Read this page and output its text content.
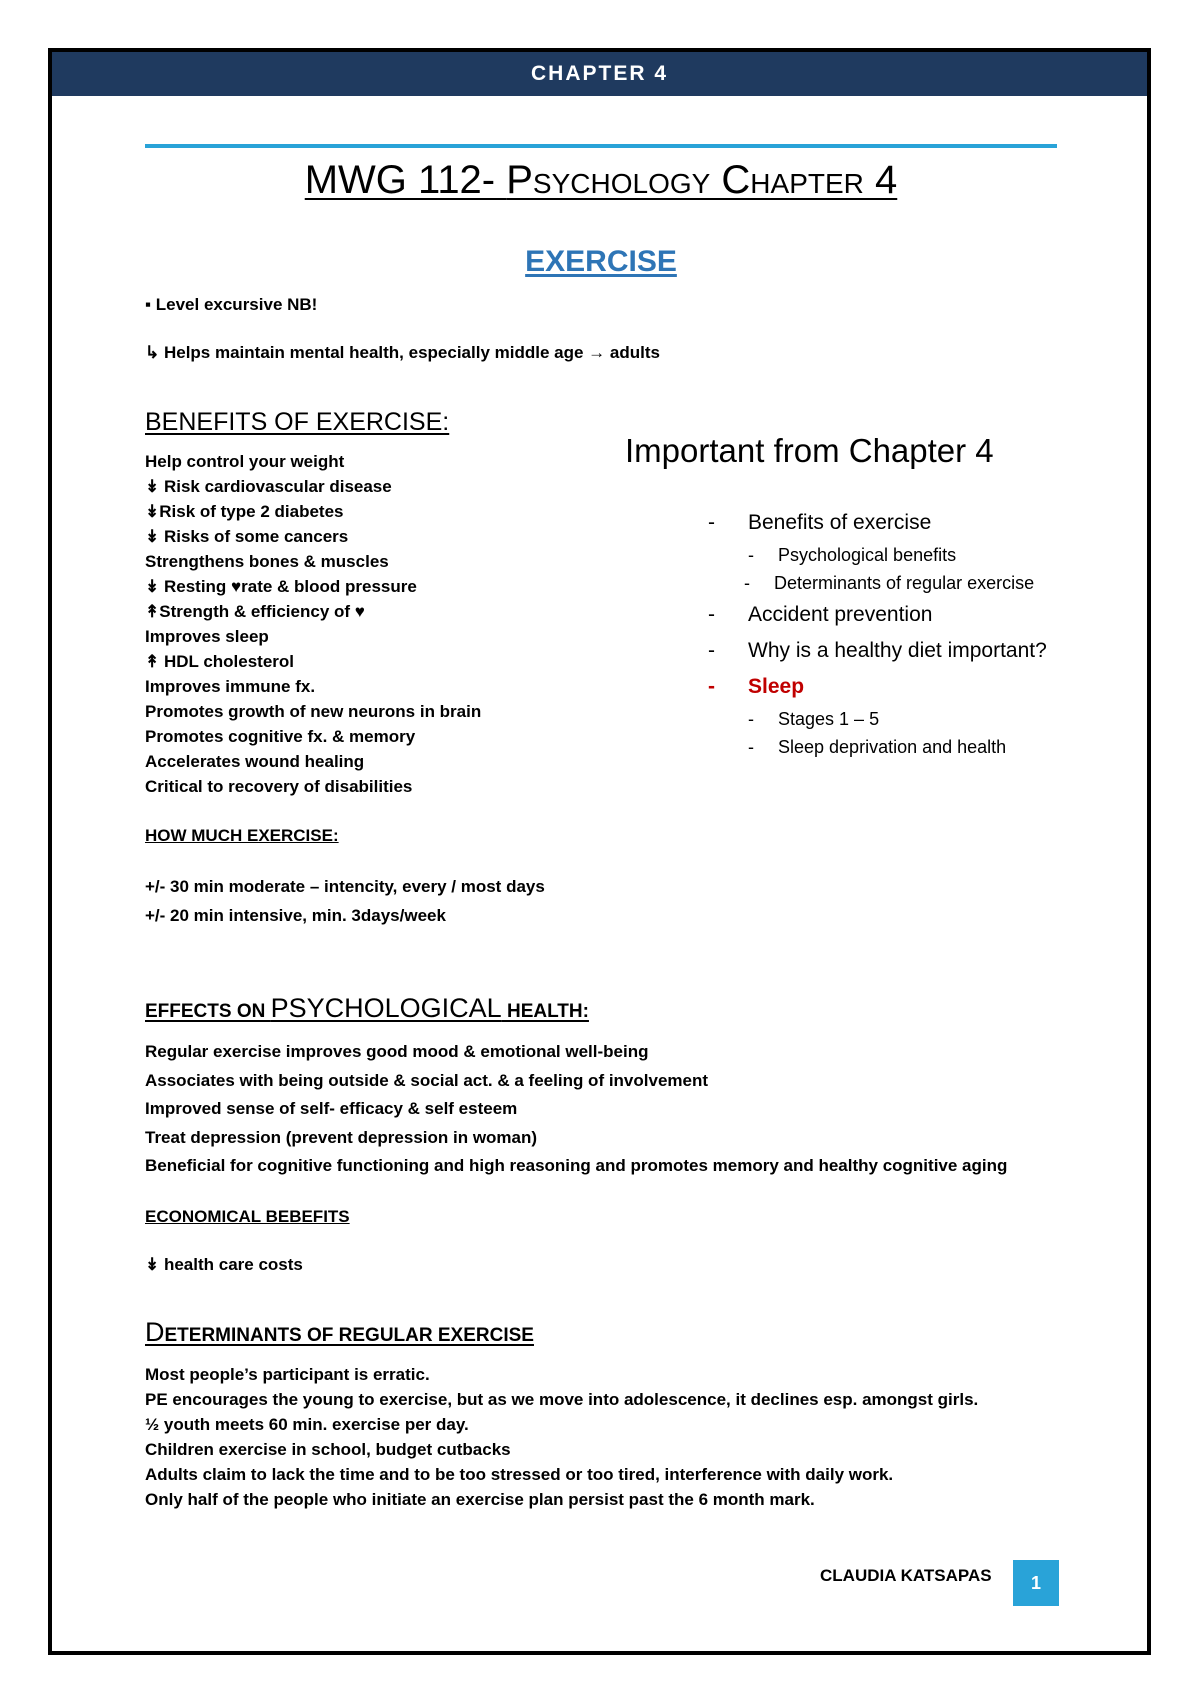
CHAPTER 4
MWG 112- Psychology Chapter 4
EXERCISE
▪ Level excursive NB!
↳ Helps maintain mental health, especially middle age → adults
BENEFITS OF EXERCISE:
Help control your weight
↡ Risk cardiovascular disease
↡Risk of type 2 diabetes
↡ Risks of some cancers
Strengthens bones & muscles
↡ Resting ♥rate & blood pressure
↟Strength & efficiency of ♥
Improves sleep
↟ HDL cholesterol
Improves immune fx.
Promotes growth of new neurons in brain
Promotes cognitive fx. & memory
Accelerates wound healing
Critical to recovery of disabilities
HOW MUCH EXERCISE:
+/- 30 min moderate – intencity, every / most days
+/- 20 min intensive, min. 3days/week
EFFECTS ON PSYCHOLOGICAL HEALTH:
Regular exercise improves good mood & emotional well-being
Associates with being outside & social act. & a feeling of involvement
Improved sense of self- efficacy & self esteem
Treat depression (prevent depression in woman)
Beneficial for cognitive functioning and high reasoning and promotes memory and healthy cognitive aging
ECONOMICAL BEBEFITS
↡ health care costs
DETERMINANTS OF REGULAR EXERCISE
Most people’s participant is erratic.
PE encourages the young to exercise, but as we move into adolescence, it declines esp. amongst girls.
½ youth meets 60 min. exercise per day.
Children exercise in school, budget cutbacks
Adults claim to lack the time and to be too stressed or too tired, interference with daily work.
Only half of the people who initiate an exercise plan persist past the 6 month mark.
Important from Chapter 4
- Benefits of exercise
- Psychological benefits
- Determinants of regular exercise
- Accident prevention
- Why is a healthy diet important?
- Sleep
- Stages 1 – 5
- Sleep deprivation and health
CLAUDIA KATSAPAS	1
